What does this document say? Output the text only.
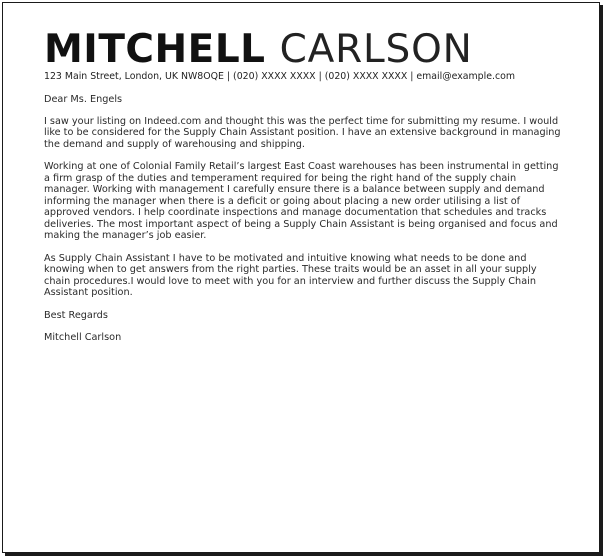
MITCHELL CARLSON
123 Main Street, London, UK NW8OQE | (020) XXXX XXXX | (020) XXXX XXXX | email@example.com

Dear Ms. Engels

I saw your listing on Indeed.com and thought this was the perfect time for submitting my resume. I would like to be considered for the Supply Chain Assistant position. I have an extensive background in managing the demand and supply of warehousing and shipping.

Working at one of Colonial Family Retail’s largest East Coast warehouses has been instrumental in getting a firm grasp of the duties and temperament required for being the right hand of the supply chain manager. Working with management I carefully ensure there is a balance between supply and demand informing the manager when there is a deficit or going about placing a new order utilising a list of approved vendors. I help coordinate inspections and manage documentation that schedules and tracks deliveries. The most important aspect of being a Supply Chain Assistant is being organised and focus and making the manager’s job easier.

As Supply Chain Assistant I have to be motivated and intuitive knowing what needs to be done and knowing when to get answers from the right parties. These traits would be an asset in all your supply chain procedures.I would love to meet with you for an interview and further discuss the Supply Chain Assistant position.

Best Regards

Mitchell Carlson
